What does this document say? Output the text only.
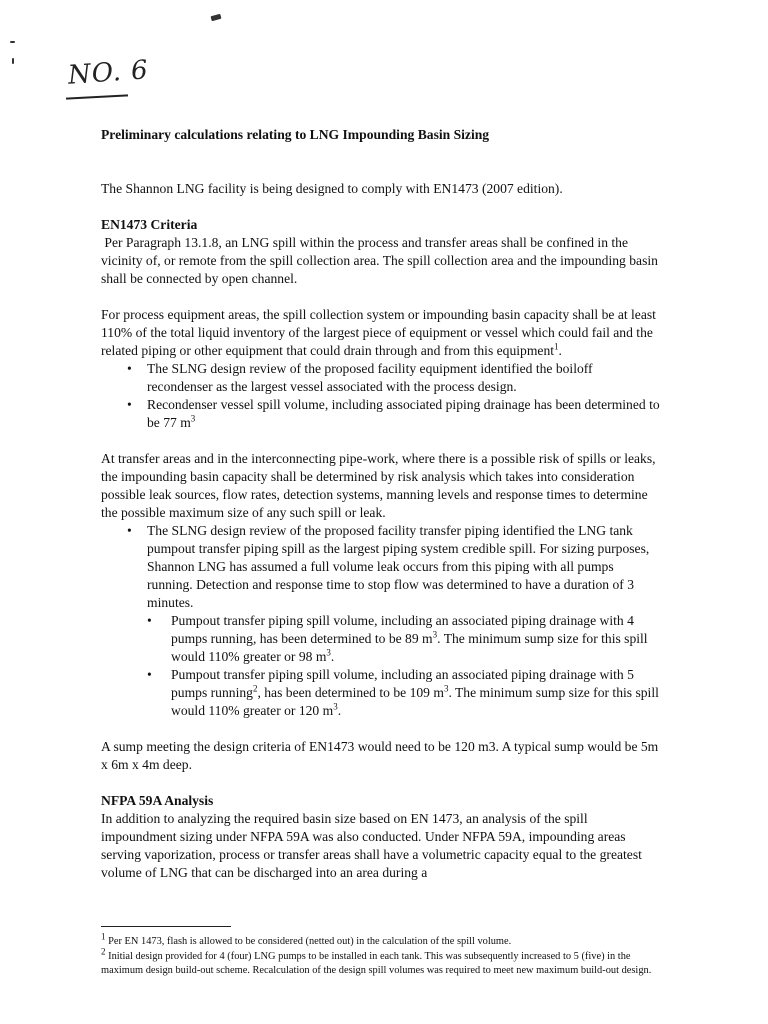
NO. 6

Preliminary calculations relating to LNG Impounding Basin Sizing

The Shannon LNG facility is being designed to comply with EN1473 (2007 edition).

EN1473 Criteria

Per Paragraph 13.1.8, an LNG spill within the process and transfer areas shall be confined in the vicinity of, or remote from the spill collection area. The spill collection area and the impounding basin shall be connected by open channel.

For process equipment areas, the spill collection system or impounding basin capacity shall be at least 110% of the total liquid inventory of the largest piece of equipment or vessel which could fail and the related piping or other equipment that could drain through and from this equipment$^1$.

• The SLNG design review of the proposed facility equipment identified the boiloff recondenser as the largest vessel associated with the process design.
• Recondenser vessel spill volume, including associated piping drainage has been determined to be 77 $m^3$

At transfer areas and in the interconnecting pipe-work, where there is a possible risk of spills or leaks, the impounding basin capacity shall be determined by risk analysis which takes into consideration possible leak sources, flow rates, detection systems, manning levels and response times to determine the possible maximum size of any such spill or leak.

• The SLNG design review of the proposed facility transfer piping identified the LNG tank pumpout transfer piping spill as the largest piping system credible spill. For sizing purposes, Shannon LNG has assumed a full volume leak occurs from this piping with all pumps running. Detection and response time to stop flow was determined to have a duration of 3 minutes.
• Pumpout transfer piping spill volume, including an associated piping drainage with 4 pumps running, has been determined to be 89 $m^3$. The minimum sump size for this spill would 110% greater or 98 $m^3$.
• Pumpout transfer piping spill volume, including an associated piping drainage with 5 pumps running$^2$, has been determined to be 109 $m^3$. The minimum sump size for this spill would 110% greater or 120 $m^3$.

A sump meeting the design criteria of EN1473 would need to be 120 m3. A typical sump would be 5m x 6m x 4m deep.

NFPA 59A Analysis

In addition to analyzing the required basin size based on EN 1473, an analysis of the spill impoundment sizing under NFPA 59A was also conducted. Under NFPA 59A, impounding areas serving vaporization, process or transfer areas shall have a volumetric capacity equal to the greatest volume of LNG that can be discharged into an area during a

$^1$ Per EN 1473, flash is allowed to be considered (netted out) in the calculation of the spill volume.

$^2$ Initial design provided for 4 (four) LNG pumps to be installed in each tank. This was subsequently increased to 5 (five) in the maximum design build-out scheme. Recalculation of the design spill volumes was required to meet new maximum build-out design.
